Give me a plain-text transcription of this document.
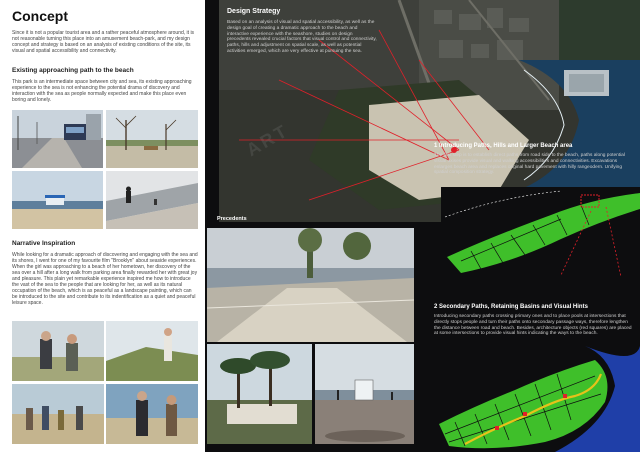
Concept
Since it is not a popular tourist area and a rather peaceful atmosphere around, it is not reasonable turning this place into an amusement beach-park, and my design concept and strategy is based on an analysis of existing conditions of the site, its visual and spatial accessibility and connectivity.
Existing approaching path to the beach
This park is an intermediate space between city and sea, its existing approaching experience to the sea is not enhancing the potential drama of discovery and interaction with the sea as people normally expected and make this place even boring and lonely.
Narrative Inspiration
While looking for a dramatic approach of discovering and engaging with the sea and its shores, I went for one of my favourite film "Brooklyn" about seaside experiences. When the girl was approaching to a beach of her hometown, her discovery of the sea over a hill after a long walk from parking area finally rewarded her with great joy and pleasure. This plain yet remarkable experience inspired me how to introduce the vast of the sea to the people that are looking for her, as well as its natural occupation of the beach, which is as peaceful as a landscape painting, which can be introduced to the site and contribute to its indentification as a quiet and peaceful leisure space.
Design Strategy
Based on an analysis of visual and spatial accessibility, as well as the design goal of creating a dramatic approach to the beach and interactive experience with the seashore, studies on design precedents revealed crucial factors that visual control and connectivity, paths, hills and adjustment on spatial scale, as well as potential activities emerged, which are very effective at pursuing the sea.
1 Introducing Paths, Hills and Larger Beach area
The first step is to establish direct paths from road side to the beach, paths along potential visual axises provide visual and walking accessibilities and connectivities. Excavations enlarges beach area and replaces original hard pavement with hilly rangeodern. Unifying spatial composition strategy.
Precedents
2 Secondary Paths, Retaining Basins and Visual Hints
Introducing secondary paths crossing primary ones and to place pools at intersections that directly stops people and turn their paths onto secondary passage ways, therefore lengthen the distance between road and beach. Besides, architecture objects (red squares) are placed at some intersections to provide visual hints indicating the ways to the beach.
ART
